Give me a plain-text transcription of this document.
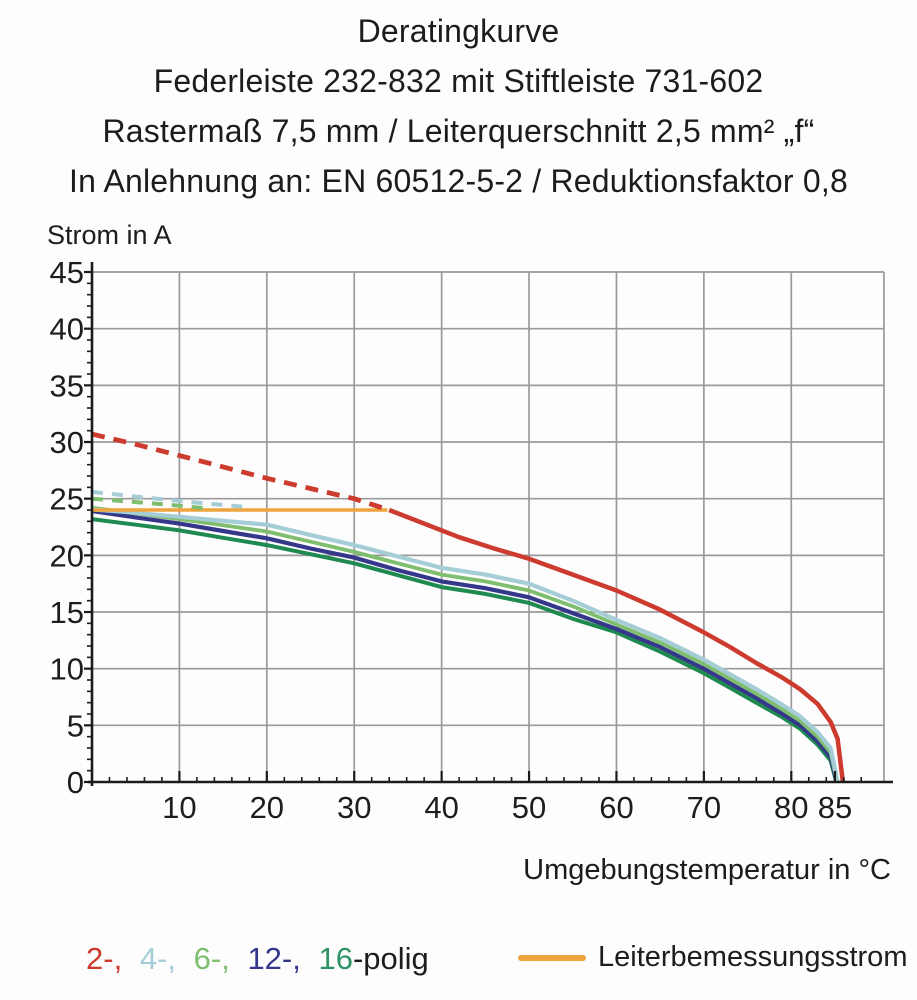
10 20 30 40 50 60 70 80 85
45
40
35
30
25
20
15
10
5
0
Deratingkurve
Federleiste 232-832 mit Stiftleiste 731-602
Rastermaß 7,5 mm / Leiterquerschnitt 2,5 mm² „f“
In Anlehnung an: EN 60512-5-2 / Reduktionsfaktor 0,8
Strom in A
Umgebungstemperatur in °C
2-, 4-, 6-, 12-, 16-polig	Leiterbemessungsstrom
